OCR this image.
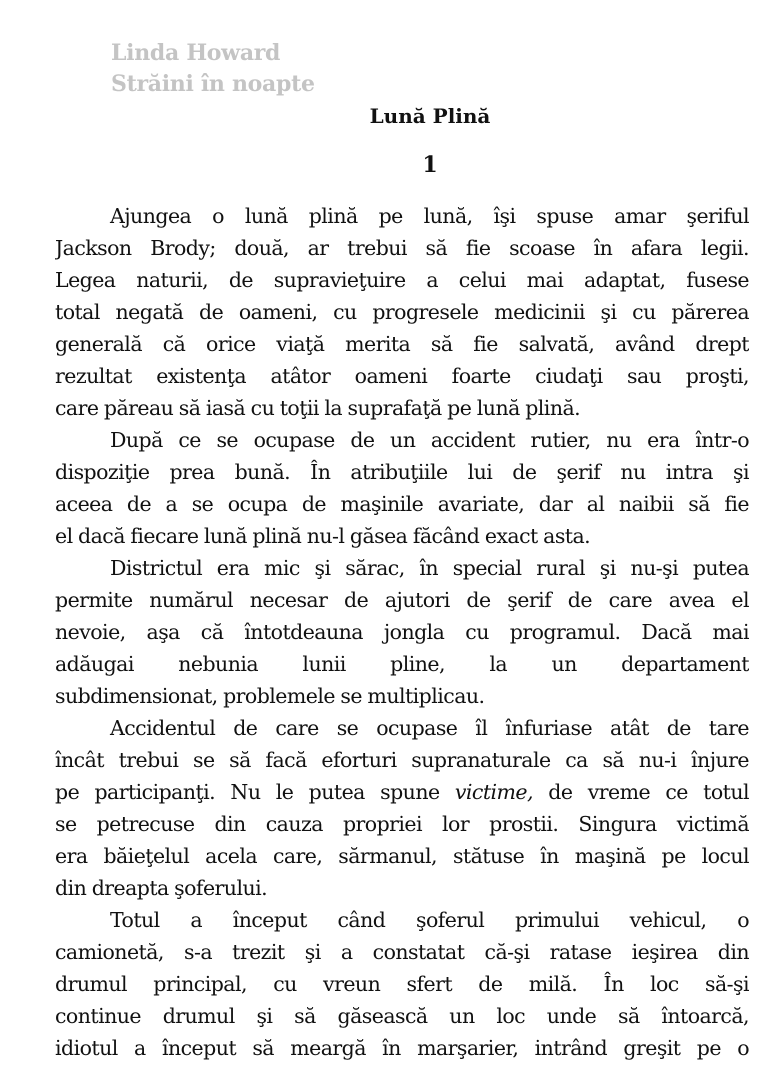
Linda Howard
Străini în noapte
Lună Plină
1
Ajungea o lună plină pe lună, îşi spuse amar şeriful
Jackson Brody; două, ar trebui să fie scoase în afara legii.
Legea naturii, de supravieţuire a celui mai adaptat, fusese
total negată de oameni, cu progresele medicinii şi cu părerea
generală că orice viaţă merita să fie salvată, având drept
rezultat existenţa atâtor oameni foarte ciudaţi sau proşti,
care păreau să iasă cu toţii la suprafaţă pe lună plină.
După ce se ocupase de un accident rutier, nu era într-o
dispoziţie prea bună. În atribuţiile lui de şerif nu intra şi
aceea de a se ocupa de maşinile avariate, dar al naibii să fie
el dacă fiecare lună plină nu-l găsea făcând exact asta.
Districtul era mic şi sărac, în special rural şi nu-şi putea
permite numărul necesar de ajutori de şerif de care avea el
nevoie, aşa că întotdeauna jongla cu programul. Dacă mai
adăugai nebunia lunii pline, la un departament
subdimensionat, problemele se multiplicau.
Accidentul de care se ocupase îl înfuriase atât de tare
încât trebui se să facă eforturi supranaturale ca să nu-i înjure
pe participanţi. Nu le putea spune victime, de vreme ce totul
se petrecuse din cauza propriei lor prostii. Singura victimă
era băieţelul acela care, sărmanul, stătuse în maşină pe locul
din dreapta şoferului.
Totul a început când şoferul primului vehicul, o
camionetă, s-a trezit şi a constatat că-şi ratase ieşirea din
drumul principal, cu vreun sfert de milă. În loc să-şi
continue drumul şi să găsească un loc unde să întoarcă,
idiotul a început să meargă în marşarier, intrând greşit pe o
